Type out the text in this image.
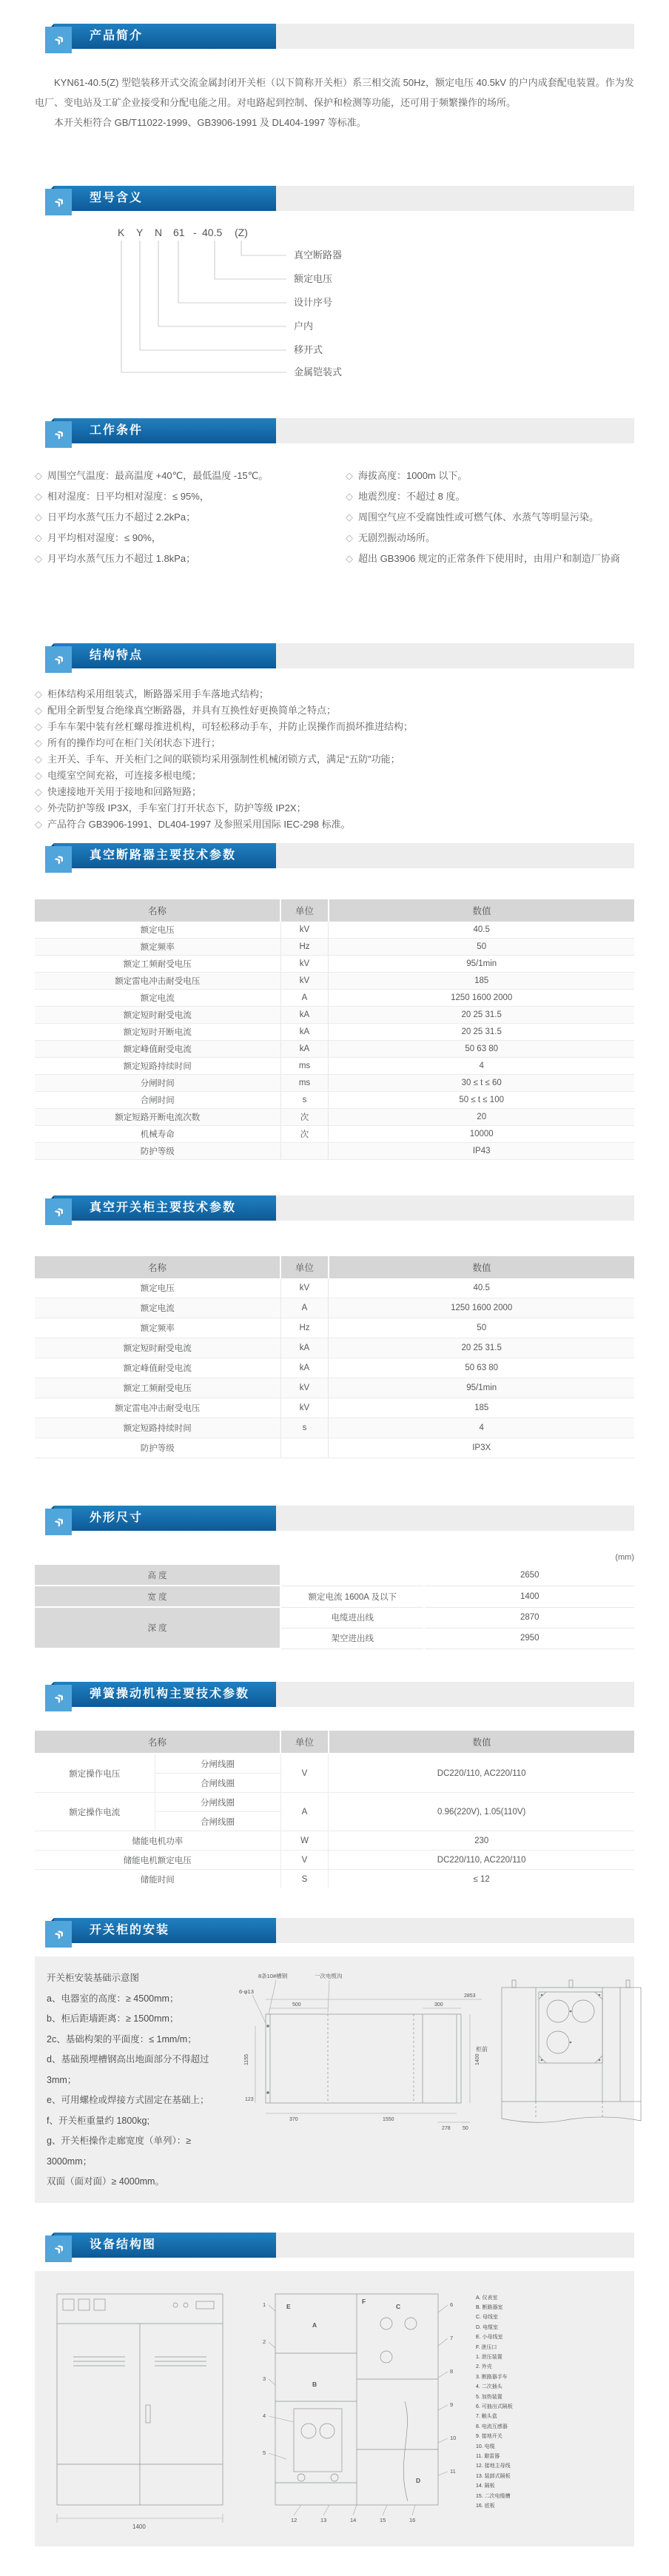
» 产品简介

KYN61-40.5(Z) 型铠装移开式交流金属封闭开关柜（以下简称开关柜）系三相交流 50Hz，额定电压 40.5kV 的户内成套配电装置。作为发电厂、变电站及工矿企业接受和分配电能之用。对电路起到控制、保护和检测等功能，还可用于频繁操作的场所。

本开关柜符合 GB/T11022-1999、GB3906-1991 及 DL404-1997 等标准。

» 型号含义
K Y N 61 - 40.5 (Z)
真空断路器
额定电压
设计序号
户内
移开式
金属铠装式
» 工作条件
◇ 周围空气温度：最高温度 +40℃，最低温度 -15℃。
◇ 相对湿度：日平均相对湿度：≤ 95%，
◇ 日平均水蒸气压力不超过 2.2kPa；
◇ 月平均相对湿度：≤ 90%，
◇ 月平均水蒸气压力不超过 1.8kPa；
◇ 海拔高度：1000m 以下。
◇ 地震烈度：不超过 8 度。
◇ 周围空气应不受腐蚀性或可燃气体、水蒸气等明显污染。
◇ 无剧烈振动场所。
◇ 超出 GB3906 规定的正常条件下使用时，由用户和制造厂协商
» 结构特点
◇ 柜体结构采用组装式，断路器采用手车落地式结构；
◇ 配用全新型复合绝缘真空断路器，并具有互换性好更换简单之特点；
◇ 手车车架中装有丝杠螺母推进机构，可轻松移动手车，并防止误操作而损坏推进结构；
◇ 所有的操作均可在柜门关闭状态下进行；
◇ 主开关、手车、开关柜门之间的联锁均采用强制性机械闭锁方式，满足“五防”功能；
◇ 电缆室空间充裕，可连接多根电缆；
◇ 快速接地开关用于接地和回路短路；
◇ 外壳防护等级 IP3X，手车室门打开状态下，防护等级 IP2X；
◇ 产品符合 GB3906-1991、DL404-1997 及参照采用国际 IEC-298 标准。
» 真空断路器主要技术参数
名称	单位	数值
额定电压	kV	40.5
额定频率	Hz	50
额定工频耐受电压	kV	95/1min
额定雷电冲击耐受电压	kV	185
额定电流	A	1250 1600 2000
额定短时耐受电流	kA	20 25 31.5
额定短时开断电流	kA	20 25 31.5
额定峰值耐受电流	kA	50 63 80
额定短路持续时间	ms	4
分闸时间	ms	30 ≤ t ≤ 60
合闸时间	s	50 ≤ t ≤ 100
额定短路开断电流次数	次	20
机械寿命	次	10000
防护等级		IP43
» 真空开关柜主要技术参数
名称	单位	数值
额定电压	kV	40.5
额定电流	A	1250 1600 2000
额定频率	Hz	50
额定短时耐受电流	kA	20 25 31.5
额定峰值耐受电流	kA	50 63 80
额定工频耐受电压	kV	95/1min
额定雷电冲击耐受电压	kV	185
额定短路持续时间	s	4
防护等级		IP3X
» 外形尺寸
(mm)
高 度		2650
宽 度	额定电流 1600A 及以下	1400
深 度	电缆进出线	2870
	架空进出线	2950
» 弹簧操动机构主要技术参数
名称		单位	数值
额定操作电压	分闸线圈	V	DC220/110, AC220/110
	合闸线圈		
额定操作电流	分闸线圈	A	0.96(220V), 1.05(110V)
	合闸线圈		
储能电机功率		W	230
储能电机额定电压		V	DC220/110, AC220/110
储能时间		S	≤ 12
» 开关柜的安装
开关柜安装基础示意图
a、电器室的高度：≥ 4500mm；
b、柜后距墙距离：≥ 1500mm；
2c、基础构架的平面度：≤ 1mm/m；
d、基础预埋槽钢高出地面部分不得超过 3mm；
e、可用螺栓或焊接方式固定在基础上；
f、开关柜重量约 1800kg;
g、开关柜操作走廊宽度（单列）：≥ 3000mm；
双面（面对面）≥ 4000mm。
8条10#槽钢	一次电缆沟
6-φ13
2853
500
1155
123
370	1550
300
1400
278 50
柜前
» 设备结构图
1400
1
2
3
4
5
6
7
8
9
10
11
12	13	14	15	16
A
B
C
D
E
F	A. 仪表室
B. 断路器室
C. 母线室
D. 电缆室
E. 小母线室
F. 泄压口
1. 泄压装置
2. 外壳
3. 断路器手车
4. 二次插头
5. 加热装置
6. 可抽出式隔板
7. 触头盒
8. 电流互感器
9. 接地开关
10. 电缆
11. 避雷器
12. 接地主母线
13. 装卸式隔板
14. 隔板
15. 二次电缆槽
16. 底板
